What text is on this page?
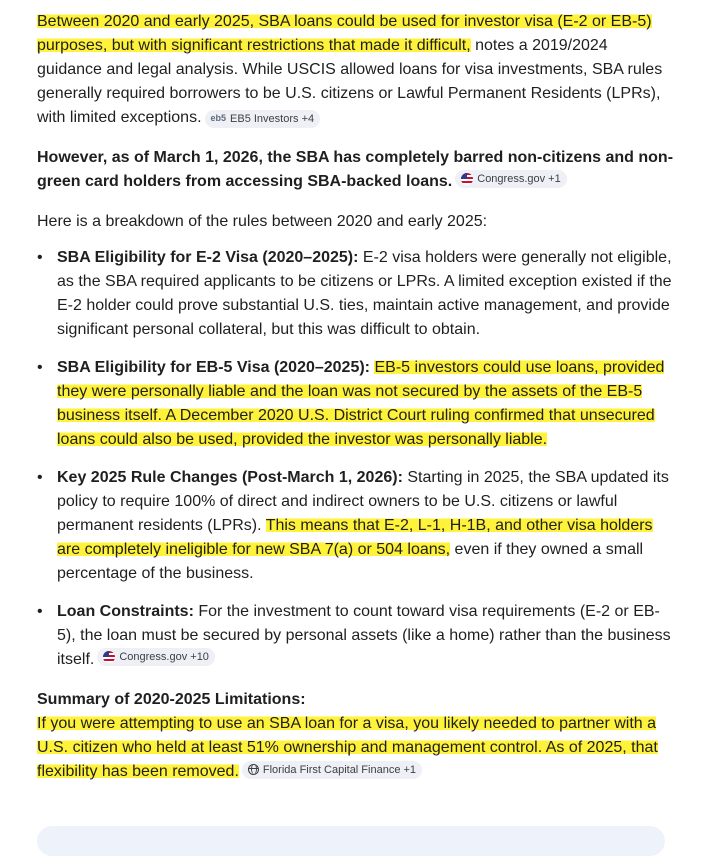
Between 2020 and early 2025, SBA loans could be used for investor visa (E-2 or EB-5) purposes, but with significant restrictions that made it difficult, notes a 2019/2024 guidance and legal analysis. While USCIS allowed loans for visa investments, SBA rules generally required borrowers to be U.S. citizens or Lawful Permanent Residents (LPRs), with limited exceptions. eb5 EB5 Investors +4

However, as of March 1, 2026, the SBA has completely barred non-citizens and non-green card holders from accessing SBA-backed loans. Congress.gov +1

Here is a breakdown of the rules between 2020 and early 2025:

• SBA Eligibility for E-2 Visa (2020–2025): E-2 visa holders were generally not eligible, as the SBA required applicants to be citizens or LPRs. A limited exception existed if the E-2 holder could prove substantial U.S. ties, maintain active management, and provide significant personal collateral, but this was difficult to obtain.
• SBA Eligibility for EB-5 Visa (2020–2025): EB-5 investors could use loans, provided they were personally liable and the loan was not secured by the assets of the EB-5 business itself. A December 2020 U.S. District Court ruling confirmed that unsecured loans could also be used, provided the investor was personally liable.
• Key 2025 Rule Changes (Post-March 1, 2026): Starting in 2025, the SBA updated its policy to require 100% of direct and indirect owners to be U.S. citizens or lawful permanent residents (LPRs). This means that E-2, L-1, H-1B, and other visa holders are completely ineligible for new SBA 7(a) or 504 loans, even if they owned a small percentage of the business.
• Loan Constraints: For the investment to count toward visa requirements (E-2 or EB-5), the loan must be secured by personal assets (like a home) rather than the business itself. Congress.gov +10

Summary of 2020-2025 Limitations:

If you were attempting to use an SBA loan for a visa, you likely needed to partner with a U.S. citizen who held at least 51% ownership and management control. As of 2025, that flexibility has been removed. Florida First Capital Finance +1
